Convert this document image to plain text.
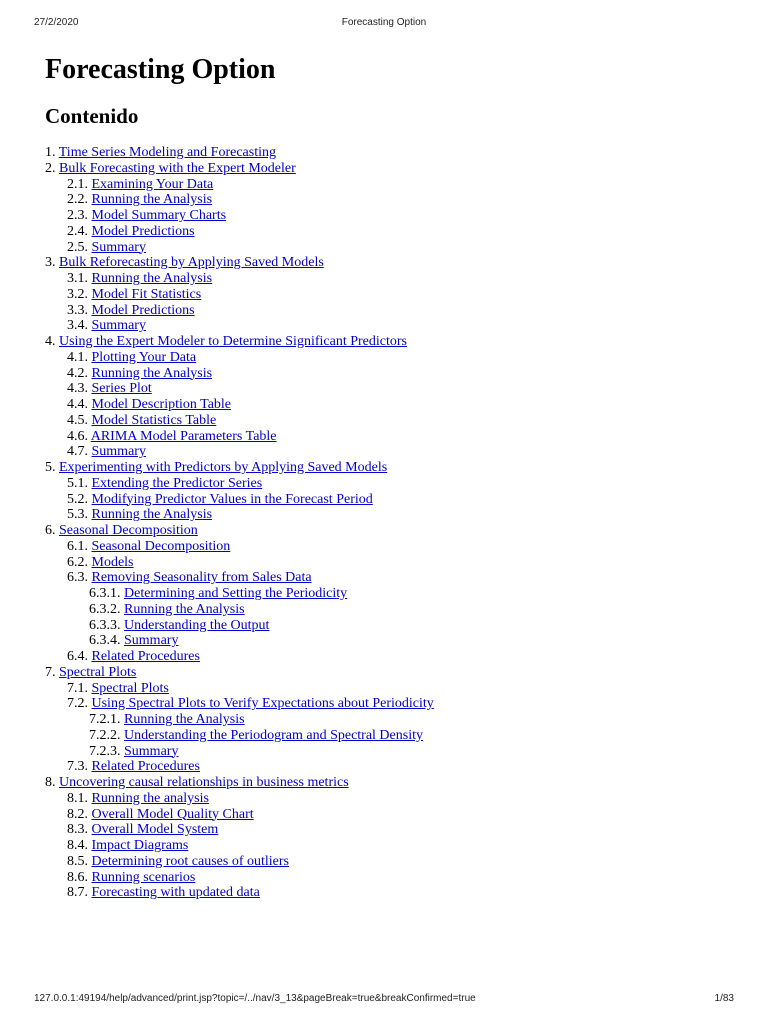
27/2/2020	Forecasting Option
Forecasting Option
Contenido
1. Time Series Modeling and Forecasting
2. Bulk Forecasting with the Expert Modeler
2.1. Examining Your Data
2.2. Running the Analysis
2.3. Model Summary Charts
2.4. Model Predictions
2.5. Summary
3. Bulk Reforecasting by Applying Saved Models
3.1. Running the Analysis
3.2. Model Fit Statistics
3.3. Model Predictions
3.4. Summary
4. Using the Expert Modeler to Determine Significant Predictors
4.1. Plotting Your Data
4.2. Running the Analysis
4.3. Series Plot
4.4. Model Description Table
4.5. Model Statistics Table
4.6. ARIMA Model Parameters Table
4.7. Summary
5. Experimenting with Predictors by Applying Saved Models
5.1. Extending the Predictor Series
5.2. Modifying Predictor Values in the Forecast Period
5.3. Running the Analysis
6. Seasonal Decomposition
6.1. Seasonal Decomposition
6.2. Models
6.3. Removing Seasonality from Sales Data
6.3.1. Determining and Setting the Periodicity
6.3.2. Running the Analysis
6.3.3. Understanding the Output
6.3.4. Summary
6.4. Related Procedures
7. Spectral Plots
7.1. Spectral Plots
7.2. Using Spectral Plots to Verify Expectations about Periodicity
7.2.1. Running the Analysis
7.2.2. Understanding the Periodogram and Spectral Density
7.2.3. Summary
7.3. Related Procedures
8. Uncovering causal relationships in business metrics
8.1. Running the analysis
8.2. Overall Model Quality Chart
8.3. Overall Model System
8.4. Impact Diagrams
8.5. Determining root causes of outliers
8.6. Running scenarios
8.7. Forecasting with updated data
127.0.0.1:49194/help/advanced/print.jsp?topic=/../nav/3_13&pageBreak=true&breakConfirmed=true	1/83
